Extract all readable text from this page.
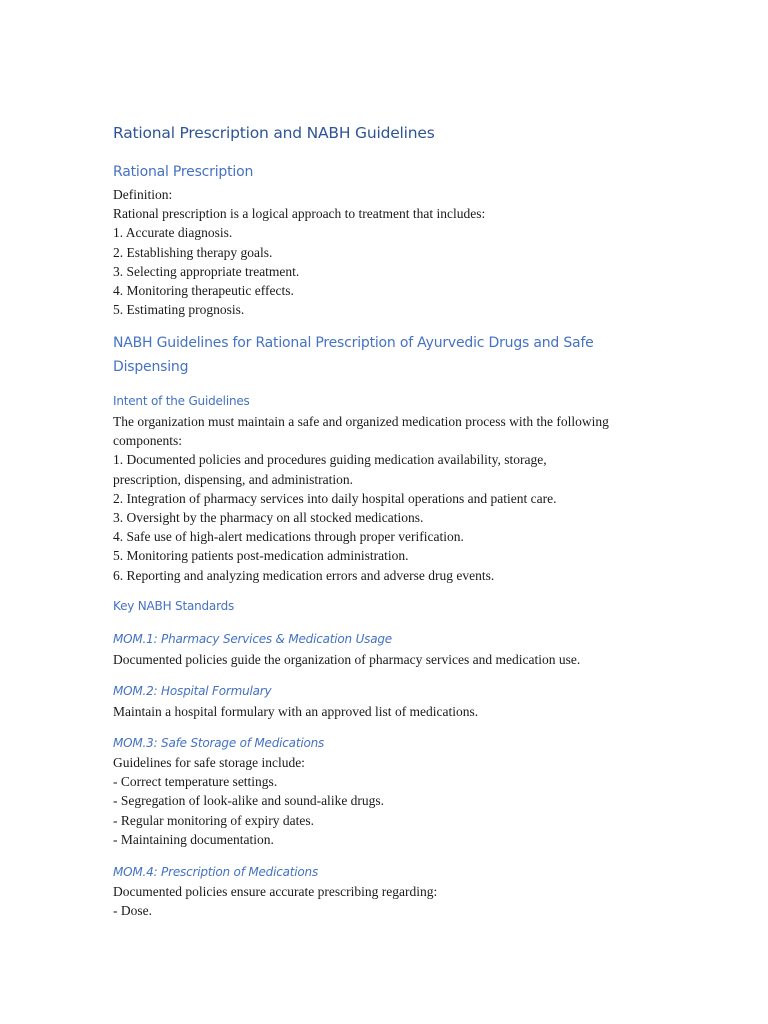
Rational Prescription and NABH Guidelines
Rational Prescription
Definition:
Rational prescription is a logical approach to treatment that includes:
1. Accurate diagnosis.
2. Establishing therapy goals.
3. Selecting appropriate treatment.
4. Monitoring therapeutic effects.
5. Estimating prognosis.
NABH Guidelines for Rational Prescription of Ayurvedic Drugs and Safe
Dispensing
Intent of the Guidelines
The organization must maintain a safe and organized medication process with the following
components:
1. Documented policies and procedures guiding medication availability, storage,
prescription, dispensing, and administration.
2. Integration of pharmacy services into daily hospital operations and patient care.
3. Oversight by the pharmacy on all stocked medications.
4. Safe use of high-alert medications through proper verification.
5. Monitoring patients post-medication administration.
6. Reporting and analyzing medication errors and adverse drug events.
Key NABH Standards
MOM.1: Pharmacy Services & Medication Usage
Documented policies guide the organization of pharmacy services and medication use.
MOM.2: Hospital Formulary
Maintain a hospital formulary with an approved list of medications.
MOM.3: Safe Storage of Medications
Guidelines for safe storage include:
- Correct temperature settings.
- Segregation of look-alike and sound-alike drugs.
- Regular monitoring of expiry dates.
- Maintaining documentation.
MOM.4: Prescription of Medications
Documented policies ensure accurate prescribing regarding:
- Dose.
